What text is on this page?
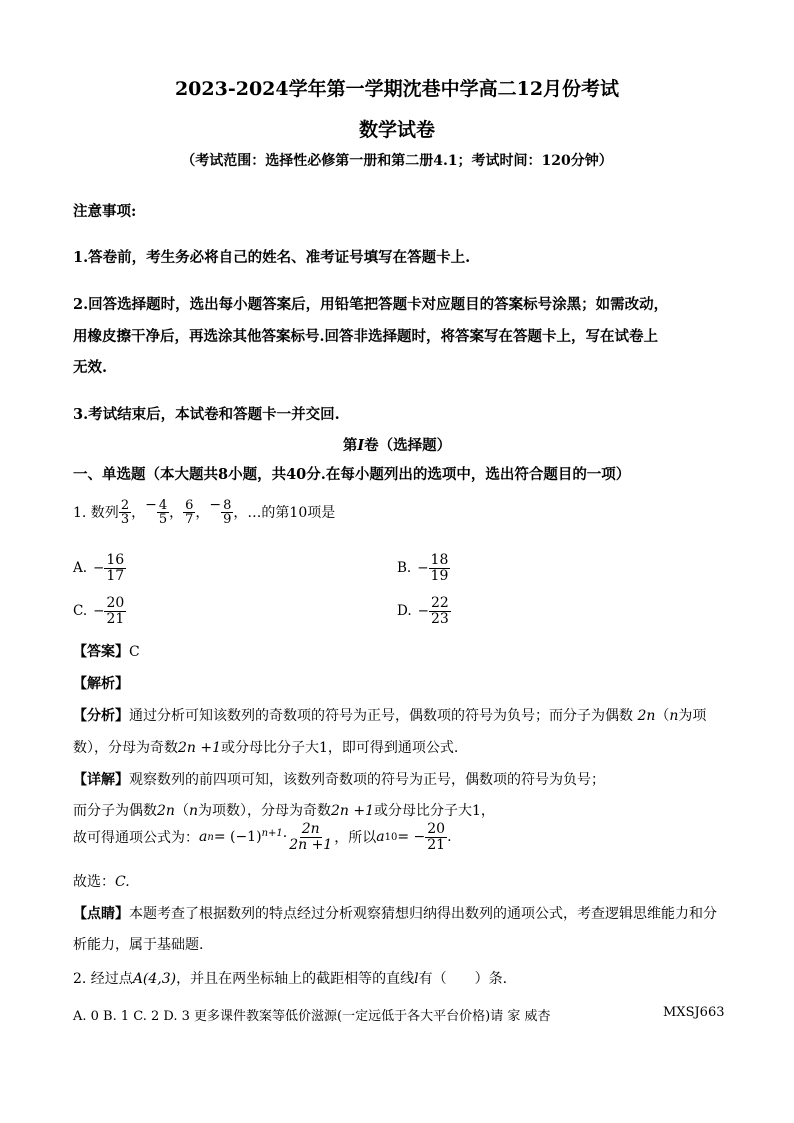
2023-2024学年第一学期沈巷中学高二12月份考试
数学试卷
（考试范围：选择性必修第一册和第二册4.1；考试时间：120分钟）
注意事项:
1.答卷前，考生务必将自己的姓名、准考证号填写在答题卡上.
2.回答选择题时，选出每小题答案后，用铅笔把答题卡对应题目的答案标号涂黑；如需改动，
用橡皮擦干净后，再选涂其他答案标号.回答非选择题时，将答案写在答题卡上，写在试卷上
无效.
3.考试结束后，本试卷和答题卡一并交回.
第I卷（选择题）
一、单选题（本大题共8小题，共40分.在每小题列出的选项中，选出符合题目的一项）
1. 数列 $\frac{2}{3}$ ， − $\frac{4}{5}$ ， $\frac{6}{7}$ ， − $\frac{8}{9}$ ，…的第10项是
A. − $\frac{16}{17}$	B. − $\frac{18}{19}$
C. − $\frac{20}{21}$	D. − $\frac{22}{23}$
【答案】C
【解析】
【分析】通过分析可知该数列的奇数项的符号为正号，偶数项的符号为负号；而分子为偶数 2n（n为项
数），分母为奇数2n +1或分母比分子大1，即可得到通项公式.
【详解】观察数列的前四项可知，该数列奇数项的符号为正号，偶数项的符号为负号；
而分子为偶数2n（n为项数），分母为奇数2n +1或分母比分子大1，
故可得通项公式为： a $n = (-1)^{n+1} \cdot \frac{2n}{2n +1}$ ，所以 a 10 = − $\frac{20}{21}$ .
故选：C.
【点睛】本题考查了根据数列的特点经过分析观察猜想归纳得出数列的通项公式，考查逻辑思维能力和分
析能力，属于基础题.
2. 经过点A(4,3)，并且在两坐标轴上的截距相等的直线l有（　　）条.
A. 0 B. 1 C. 2 D. 3 更多课件教案等低价滋源(一定远低于各大平台价格)请 家 威杏	MXSJ663
